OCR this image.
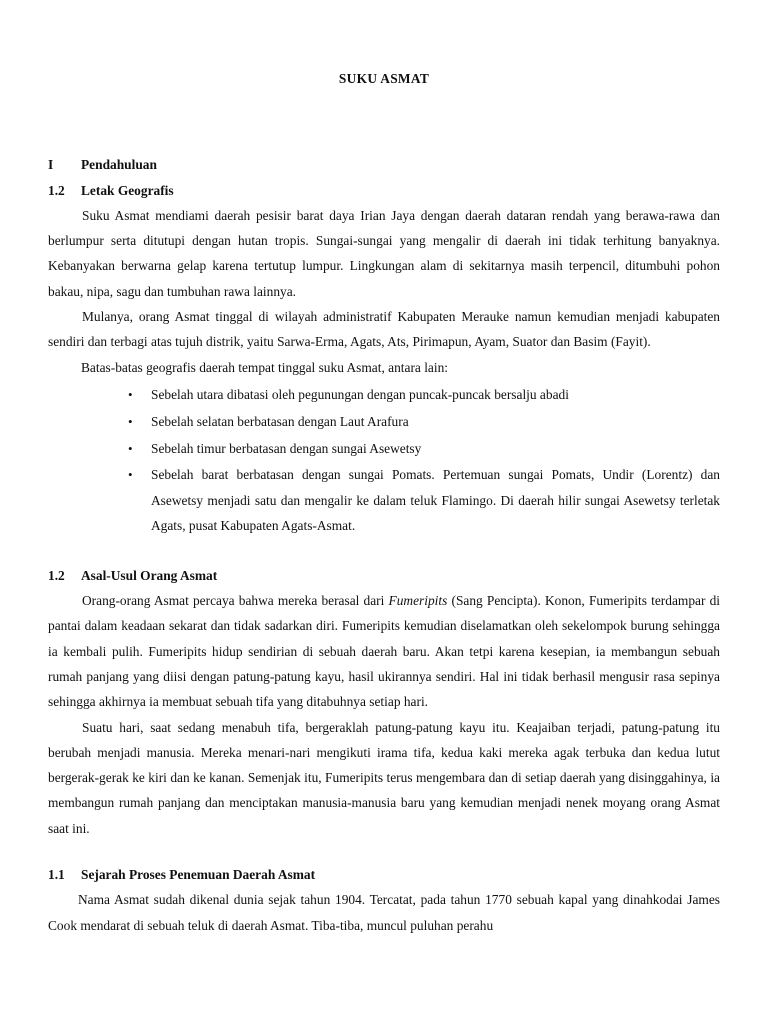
SUKU ASMAT
I	Pendahuluan
1.2	Letak Geografis

Suku Asmat mendiami daerah pesisir barat daya Irian Jaya dengan daerah dataran rendah yang berawa-rawa dan berlumpur serta ditutupi dengan hutan tropis. Sungai-sungai yang mengalir di daerah ini tidak terhitung banyaknya. Kebanyakan berwarna gelap karena tertutup lumpur. Lingkungan alam di sekitarnya masih terpencil, ditumbuhi pohon bakau, nipa, sagu dan tumbuhan rawa lainnya.

Mulanya, orang Asmat tinggal di wilayah administratif Kabupaten Merauke namun kemudian menjadi kabupaten sendiri dan terbagi atas tujuh distrik, yaitu Sarwa-Erma, Agats, Ats, Pirimapun, Ayam, Suator dan Basim (Fayit).

Batas-batas geografis daerah tempat tinggal suku Asmat, antara lain:

• Sebelah utara dibatasi oleh pegunungan dengan puncak-puncak bersalju abadi
• Sebelah selatan berbatasan dengan Laut Arafura
• Sebelah timur berbatasan dengan sungai Asewetsy
• Sebelah barat berbatasan dengan sungai Pomats. Pertemuan sungai Pomats, Undir (Lorentz) dan Asewetsy menjadi satu dan mengalir ke dalam teluk Flamingo. Di daerah hilir sungai Asewetsy terletak Agats, pusat Kabupaten Agats-Asmat.
1.2	Asal-Usul Orang Asmat

Orang-orang Asmat percaya bahwa mereka berasal dari Fumeripits (Sang Pencipta). Konon, Fumeripits terdampar di pantai dalam keadaan sekarat dan tidak sadarkan diri. Fumeripits kemudian diselamatkan oleh sekelompok burung sehingga ia kembali pulih. Fumeripits hidup sendirian di sebuah daerah baru. Akan tetpi karena kesepian, ia membangun sebuah rumah panjang yang diisi dengan patung-patung kayu, hasil ukirannya sendiri. Hal ini tidak berhasil mengusir rasa sepinya sehingga akhirnya ia membuat sebuah tifa yang ditabuhnya setiap hari.

Suatu hari, saat sedang menabuh tifa, bergeraklah patung-patung kayu itu. Keajaiban terjadi, patung-patung itu berubah menjadi manusia. Mereka menari-nari mengikuti irama tifa, kedua kaki mereka agak terbuka dan kedua lutut bergerak-gerak ke kiri dan ke kanan. Semenjak itu, Fumeripits terus mengembara dan di setiap daerah yang disinggahinya, ia membangun rumah panjang dan menciptakan manusia-manusia baru yang kemudian menjadi nenek moyang orang Asmat saat ini.

1.1	Sejarah Proses Penemuan Daerah Asmat

Nama Asmat sudah dikenal dunia sejak tahun 1904. Tercatat, pada tahun 1770 sebuah kapal yang dinahkodai James Cook mendarat di sebuah teluk di daerah Asmat. Tiba-tiba, muncul puluhan perahu
